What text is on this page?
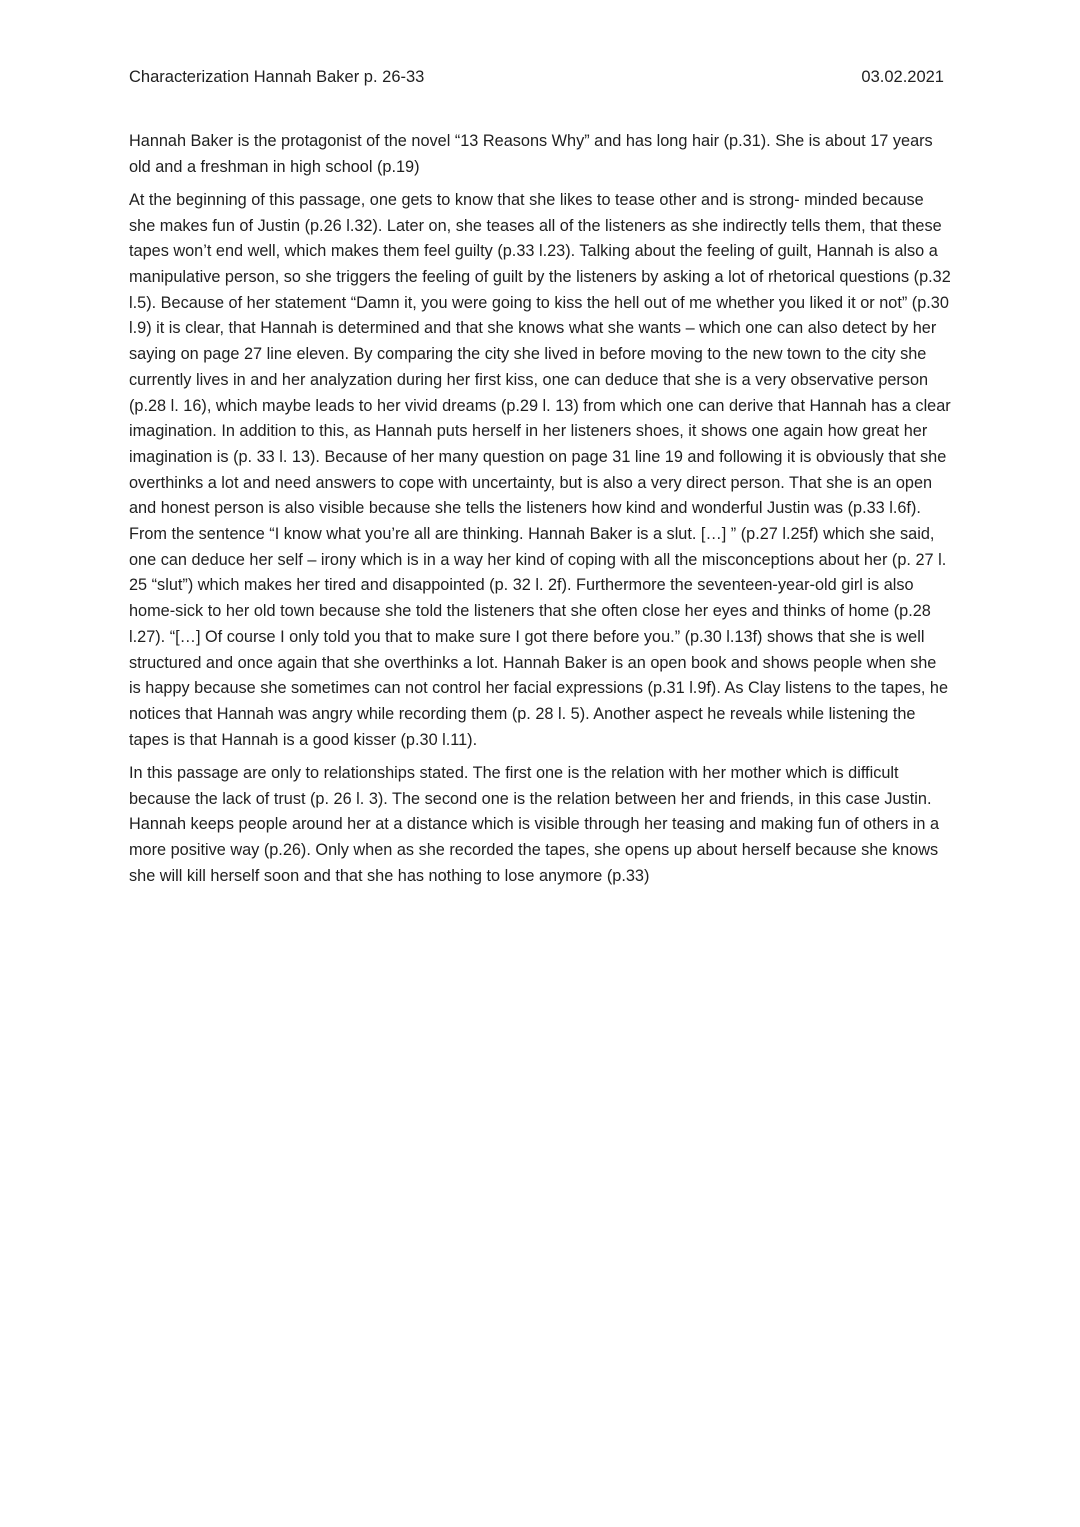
Characterization Hannah Baker p. 26-33	03.02.2021

Hannah Baker is the protagonist of the novel “13 Reasons Why” and has long hair (p.31). She is about 17 years old and a freshman in high school (p.19)

At the beginning of this passage, one gets to know that she likes to tease other and is strong- minded because she makes fun of Justin (p.26 l.32). Later on, she teases all of the listeners as she indirectly tells them, that these tapes won’t end well, which makes them feel guilty (p.33 l.23). Talking about the feeling of guilt, Hannah is also a manipulative person, so she triggers the feeling of guilt by the listeners by asking a lot of rhetorical questions (p.32 l.5). Because of her statement “Damn it, you were going to kiss the hell out of me whether you liked it or not” (p.30 l.9) it is clear, that Hannah is determined and that she knows what she wants – which one can also detect by her saying on page 27 line eleven. By comparing the city she lived in before moving to the new town to the city she currently lives in and her analyzation during her first kiss, one can deduce that she is a very observative person (p.28 l. 16), which maybe leads to her vivid dreams (p.29 l. 13) from which one can derive that Hannah has a clear imagination. In addition to this, as Hannah puts herself in her listeners shoes, it shows one again how great her imagination is (p. 33 l. 13). Because of her many question on page 31 line 19 and following it is obviously that she overthinks a lot and need answers to cope with uncertainty, but is also a very direct person. That she is an open and honest person is also visible because she tells the listeners how kind and wonderful Justin was (p.33 l.6f). From the sentence “I know what you’re all are thinking. Hannah Baker is a slut. […] ” (p.27 l.25f) which she said, one can deduce her self – irony which is in a way her kind of coping with all the misconceptions about her (p. 27 l. 25 “slut”) which makes her tired and disappointed (p. 32 l. 2f). Furthermore the seventeen-year-old girl is also home-sick to her old town because she told the listeners that she often close her eyes and thinks of home (p.28 l.27). “[…] Of course I only told you that to make sure I got there before you.” (p.30 l.13f) shows that she is well structured and once again that she overthinks a lot. Hannah Baker is an open book and shows people when she is happy because she sometimes can not control her facial expressions (p.31 l.9f). As Clay listens to the tapes, he notices that Hannah was angry while recording them (p. 28 l. 5). Another aspect he reveals while listening the tapes is that Hannah is a good kisser (p.30 l.11).

In this passage are only to relationships stated. The first one is the relation with her mother which is difficult because the lack of trust (p. 26 l. 3). The second one is the relation between her and friends, in this case Justin. Hannah keeps people around her at a distance which is visible through her teasing and making fun of others in a more positive way (p.26). Only when as she recorded the tapes, she opens up about herself because she knows she will kill herself soon and that she has nothing to lose anymore (p.33)
